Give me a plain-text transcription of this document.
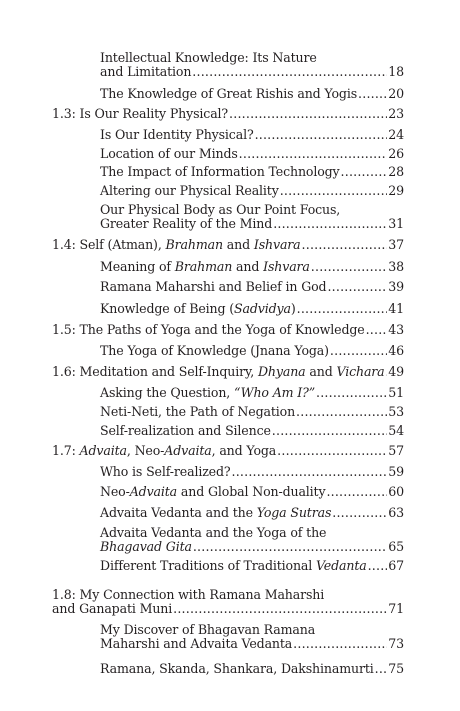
Intellectual Knowledge: Its Nature
and Limitation .....	18
The Knowledge of Great Rishis and Yogis ..... 20
1.3: Is Our Reality Physical? .....	23
Is Our Identity Physical? .....	24
Location of our Minds .....	26
The Impact of Information Technology .....	28
Altering our Physical Reality .....	29
Our Physical Body as Our Point Focus,
Greater Reality of the Mind .....	31
1.4: Self (Atman), Brahman and Ishvara .....	37
Meaning of Brahman and Ishvara .....	38
Ramana Maharshi and Belief in God .....	39
Knowledge of Being (Sadvidya) .....	41
1.5: The Paths of Yoga and the Yoga of Knowledge ..... 43
The Yoga of Knowledge (Jnana Yoga) .....	46
1.6: Meditation and Self-Inquiry, Dhyana and Vichara ..... 49
Asking the Question, “Who Am I?” .....	51
Neti-Neti, the Path of Negation .....	53
Self-realization and Silence .....	54
1.7: Advaita, Neo-Advaita, and Yoga .....	57
Who is Self-realized? .....	59
Neo-Advaita and Global Non-duality .....	60
Advaita Vedanta and the Yoga Sutras .....	63
Advaita Vedanta and the Yoga of the
Bhagavad Gita .....	65
Different Traditions of Traditional Vedanta ..... 67
1.8: My Connection with Ramana Maharshi
and Ganapati Muni .....	71
My Discover of Bhagavan Ramana
Maharshi and Advaita Vedanta .....	73
Ramana, Skanda, Shankara, Dakshinamurti ..... 75
